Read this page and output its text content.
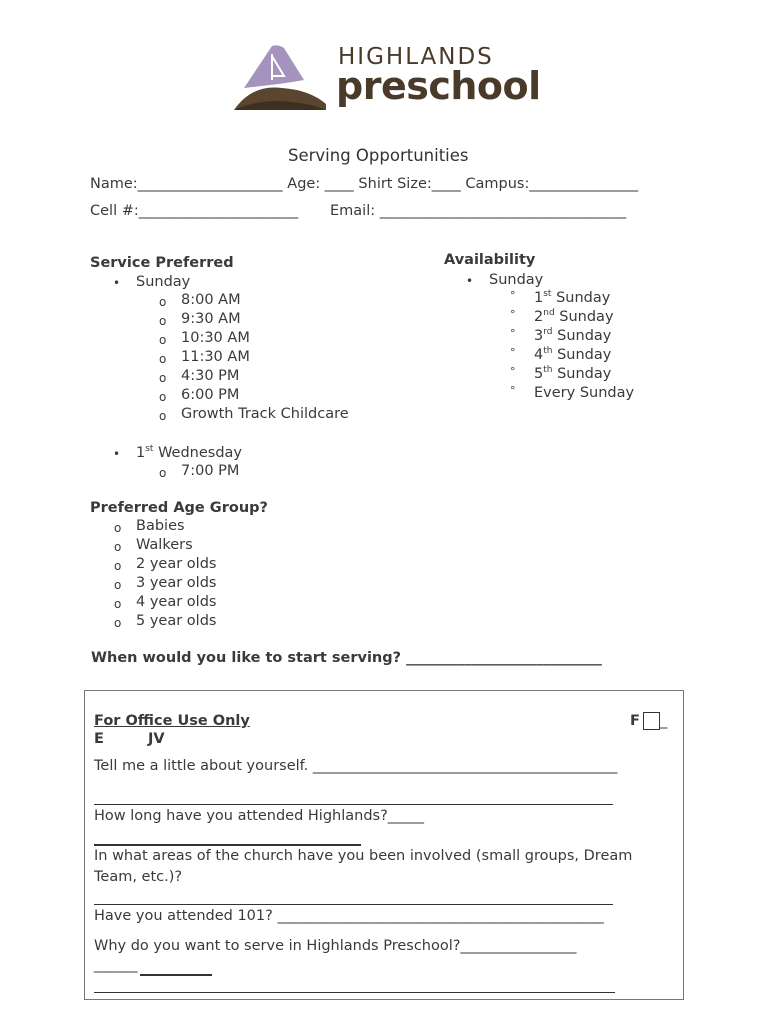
HIGHLANDS
preschool
Serving Opportunities
Name:____________________ Age: ____ Shirt Size:____ Campus:_______________
Cell #:______________________ Email: __________________________________
Service Preferred
• Sunday
o 8:00 AM
o 9:30 AM
o 10:30 AM
o 11:30 AM
o 4:30 PM
o 6:00 PM
o Growth Track Childcare
• 1st Wednesday
o 7:00 PM
Availability
• Sunday
° 1st Sunday
° 2nd Sunday
° 3rd Sunday
° 4th Sunday
° 5th Sunday
° Every Sunday
Preferred Age Group?
o Babies
o Walkers
o 2 year olds
o 3 year olds
o 4 year olds
o 5 year olds
When would you like to start serving? ___________________________
For Office Use Only	F _
E	JV
Tell me a little about yourself. __________________________________________
How long have you attended Highlands?_____
In what areas of the church have you been involved (small groups, Dream
Team, etc.)?
Have you attended 101? _____________________________________________
Why do you want to serve in Highlands Preschool?________________
______
